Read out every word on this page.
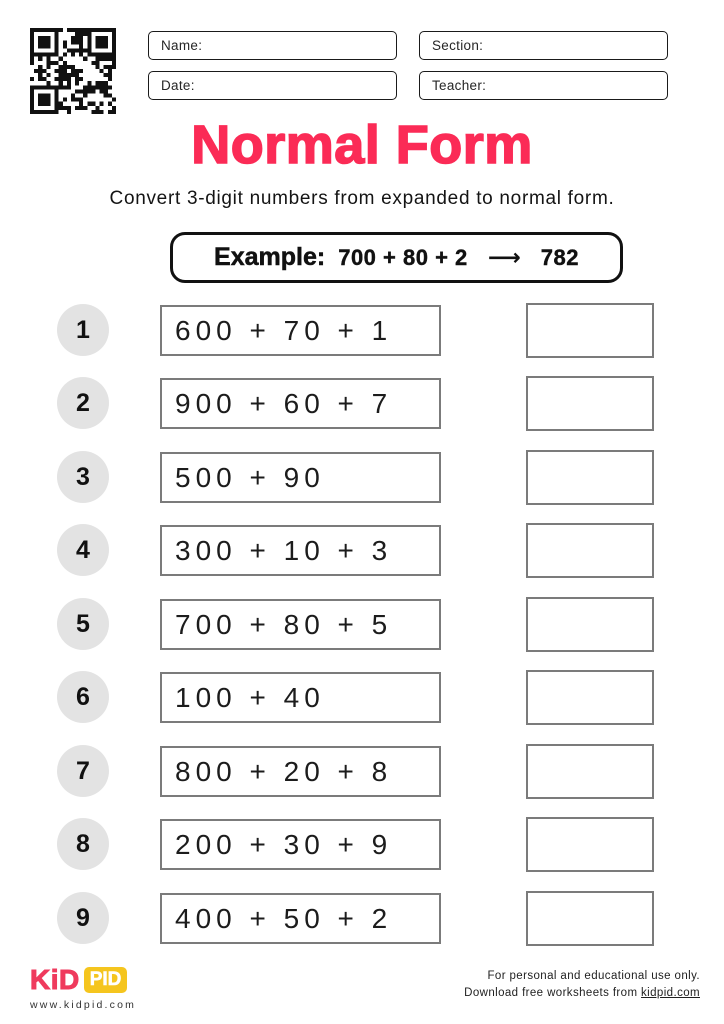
Name:	Section:
Date:	Teacher:
Normal Form
Convert 3-digit numbers from expanded to normal form.
Example: 700 + 80 + 2 ⟶ 782
1	600 + 70 + 1
2	900 + 60 + 7
3	500 + 90
4	300 + 10 + 3
5	700 + 80 + 5
6	100 + 40
7	800 + 20 + 8
8	200 + 30 + 9
9	400 + 50 + 2
KiD PID
www.kidpid.com
For personal and educational use only.
Download free worksheets from kidpid.com
